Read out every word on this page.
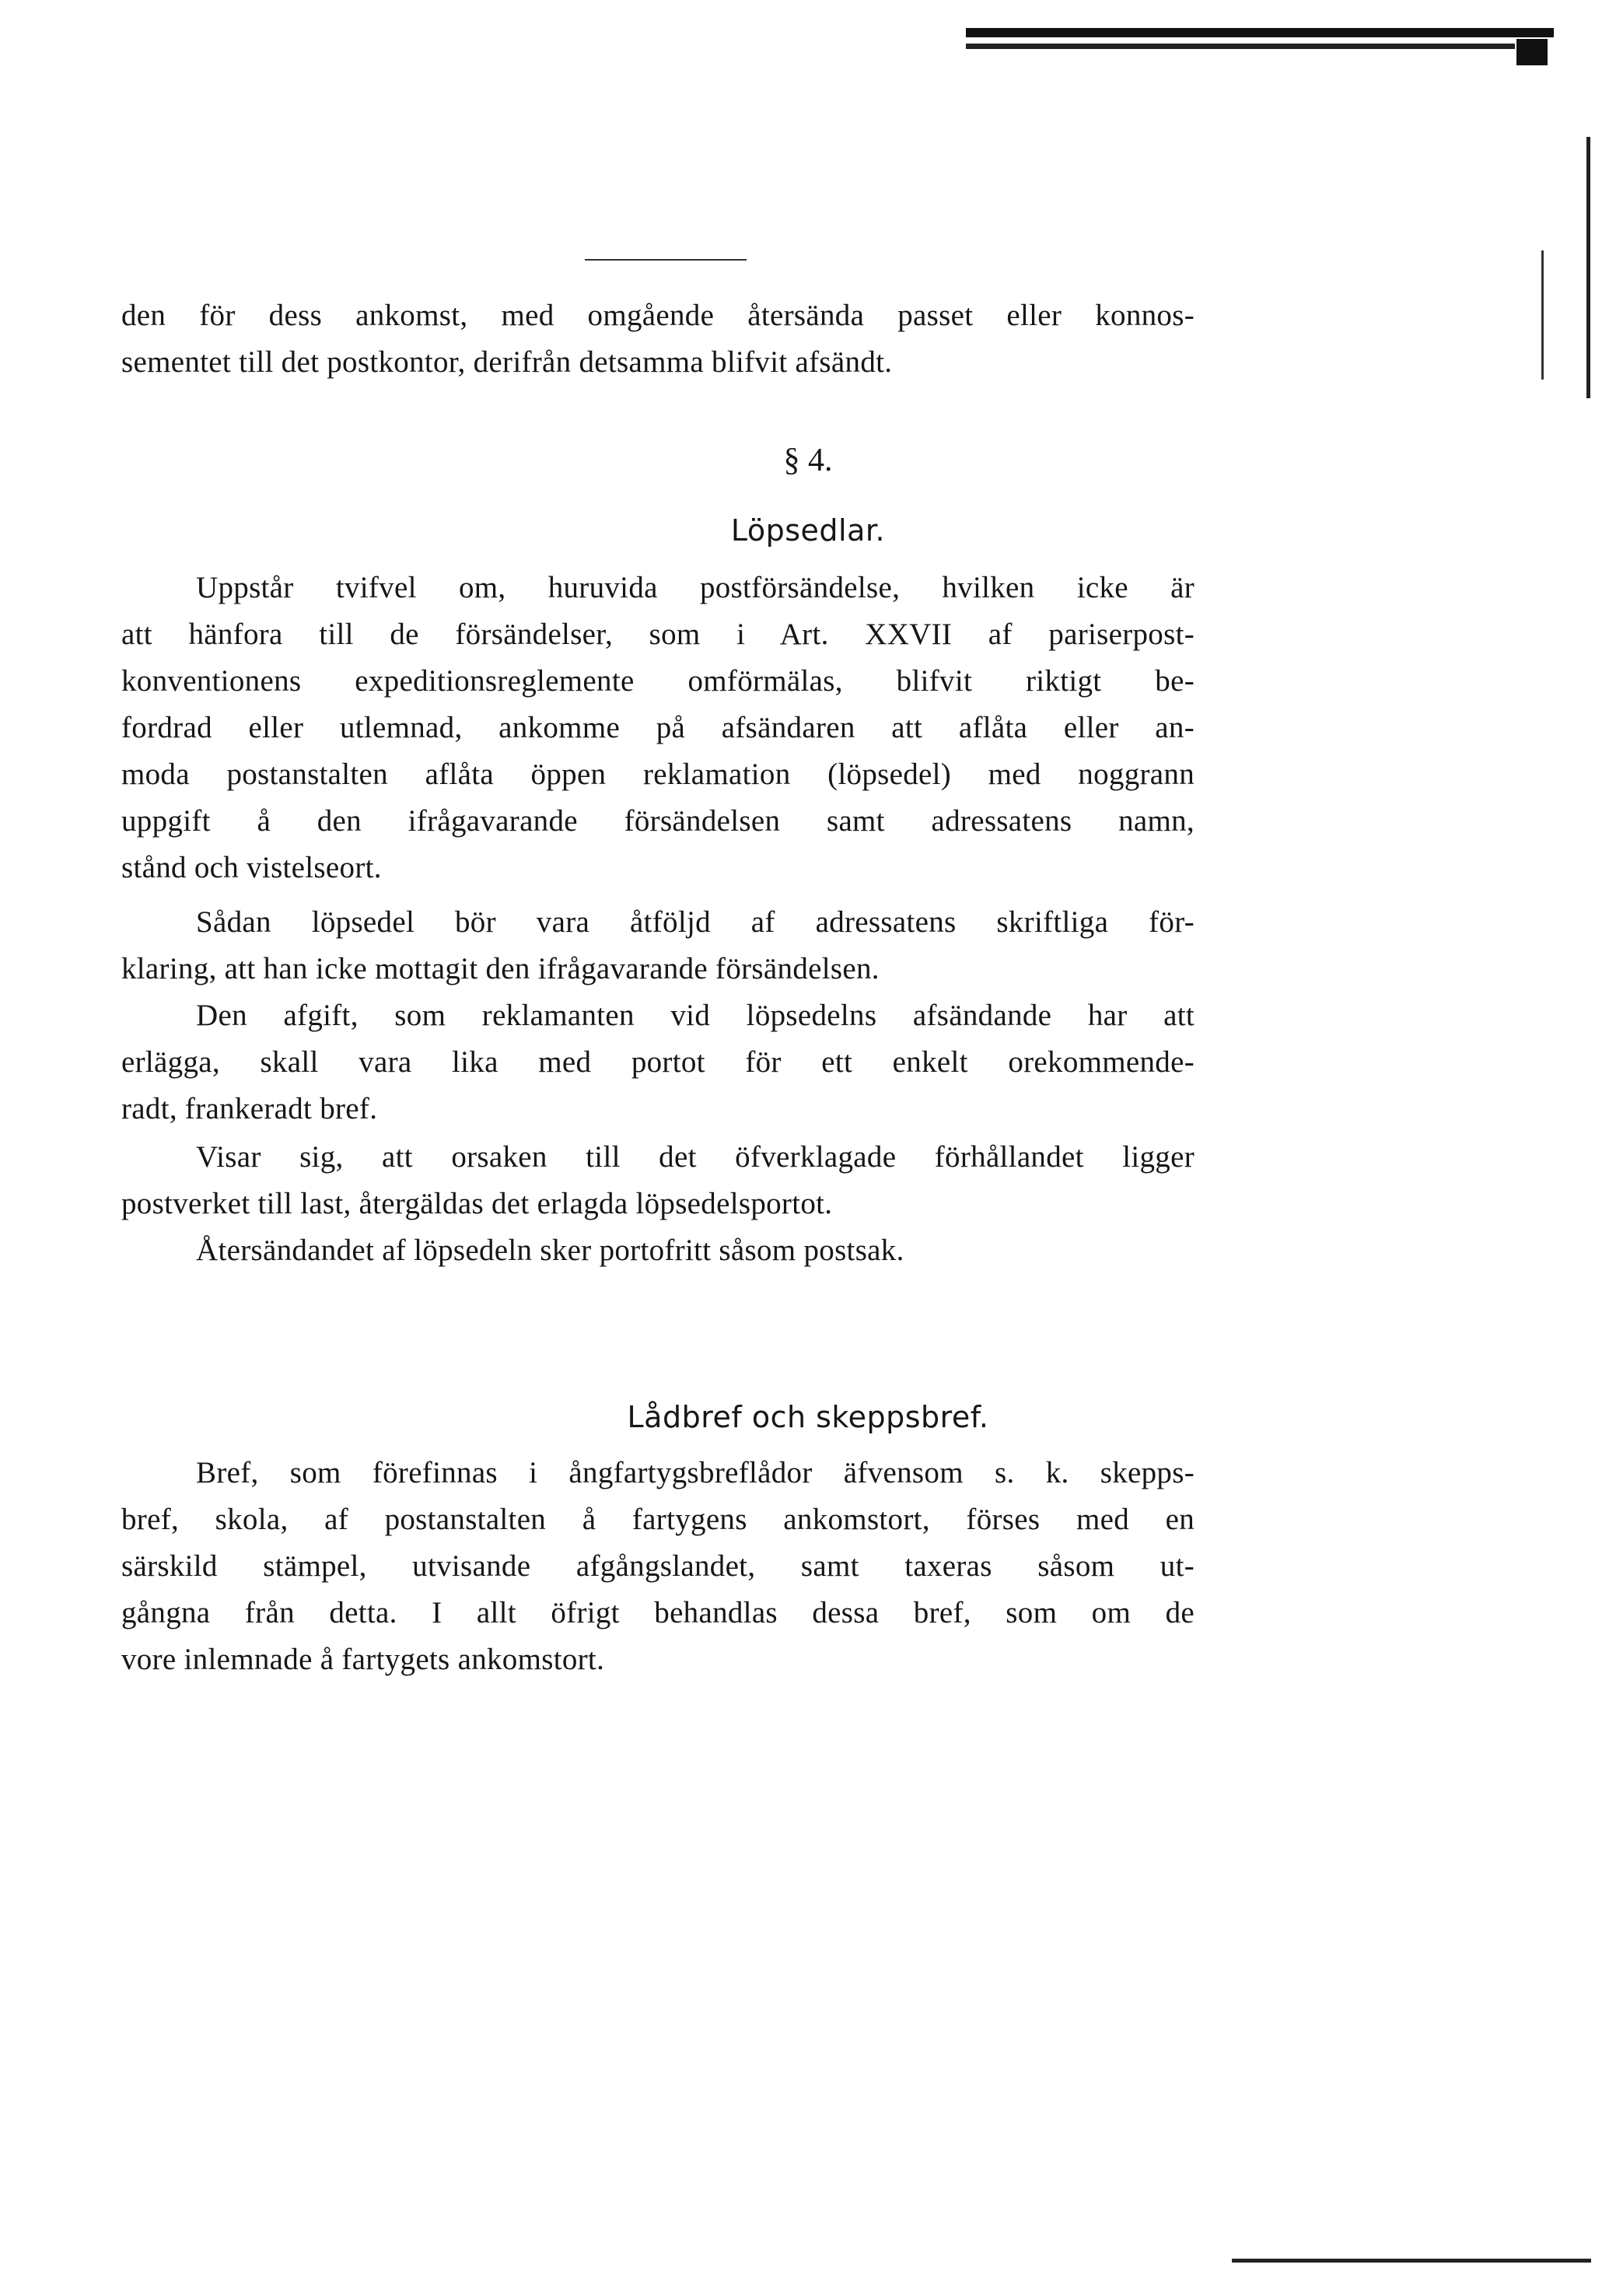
den för dess ankomst, med omgående återsända passet eller konnos-
sementet till det postkontor, derifrån detsamma blifvit afsändt.
§ 4.
Löpsedlar.
Uppstår tvifvel om, huruvida postförsändelse, hvilken icke är
att hänfora till de försändelser, som i Art. XXVII af pariserpost-
konventionens expeditionsreglemente omförmälas, blifvit riktigt be-
fordrad eller utlemnad, ankomme på afsändaren att aflåta eller an-
moda postanstalten aflåta öppen reklamation (löpsedel) med noggrann
uppgift å den ifrågavarande försändelsen samt adressatens namn,
stånd och vistelseort.
Sådan löpsedel bör vara åtföljd af adressatens skriftliga för-
klaring, att han icke mottagit den ifrågavarande försändelsen.
Den afgift, som reklamanten vid löpsedelns afsändande har att
erlägga, skall vara lika med portot för ett enkelt orekommende-
radt, frankeradt bref.
Visar sig, att orsaken till det öfverklagade förhållandet ligger
postverket till last, återgäldas det erlagda löpsedelsportot.
Återsändandet af löpsedeln sker portofritt såsom postsak.
Lådbref och skeppsbref.
Bref, som förefinnas i ångfartygsbreflådor äfvensom s. k. skepps-
bref, skola, af postanstalten å fartygens ankomstort, förses med en
särskild stämpel, utvisande afgångslandet, samt taxeras såsom ut-
gångna från detta. I allt öfrigt behandlas dessa bref, som om de
vore inlemnade å fartygets ankomstort.
